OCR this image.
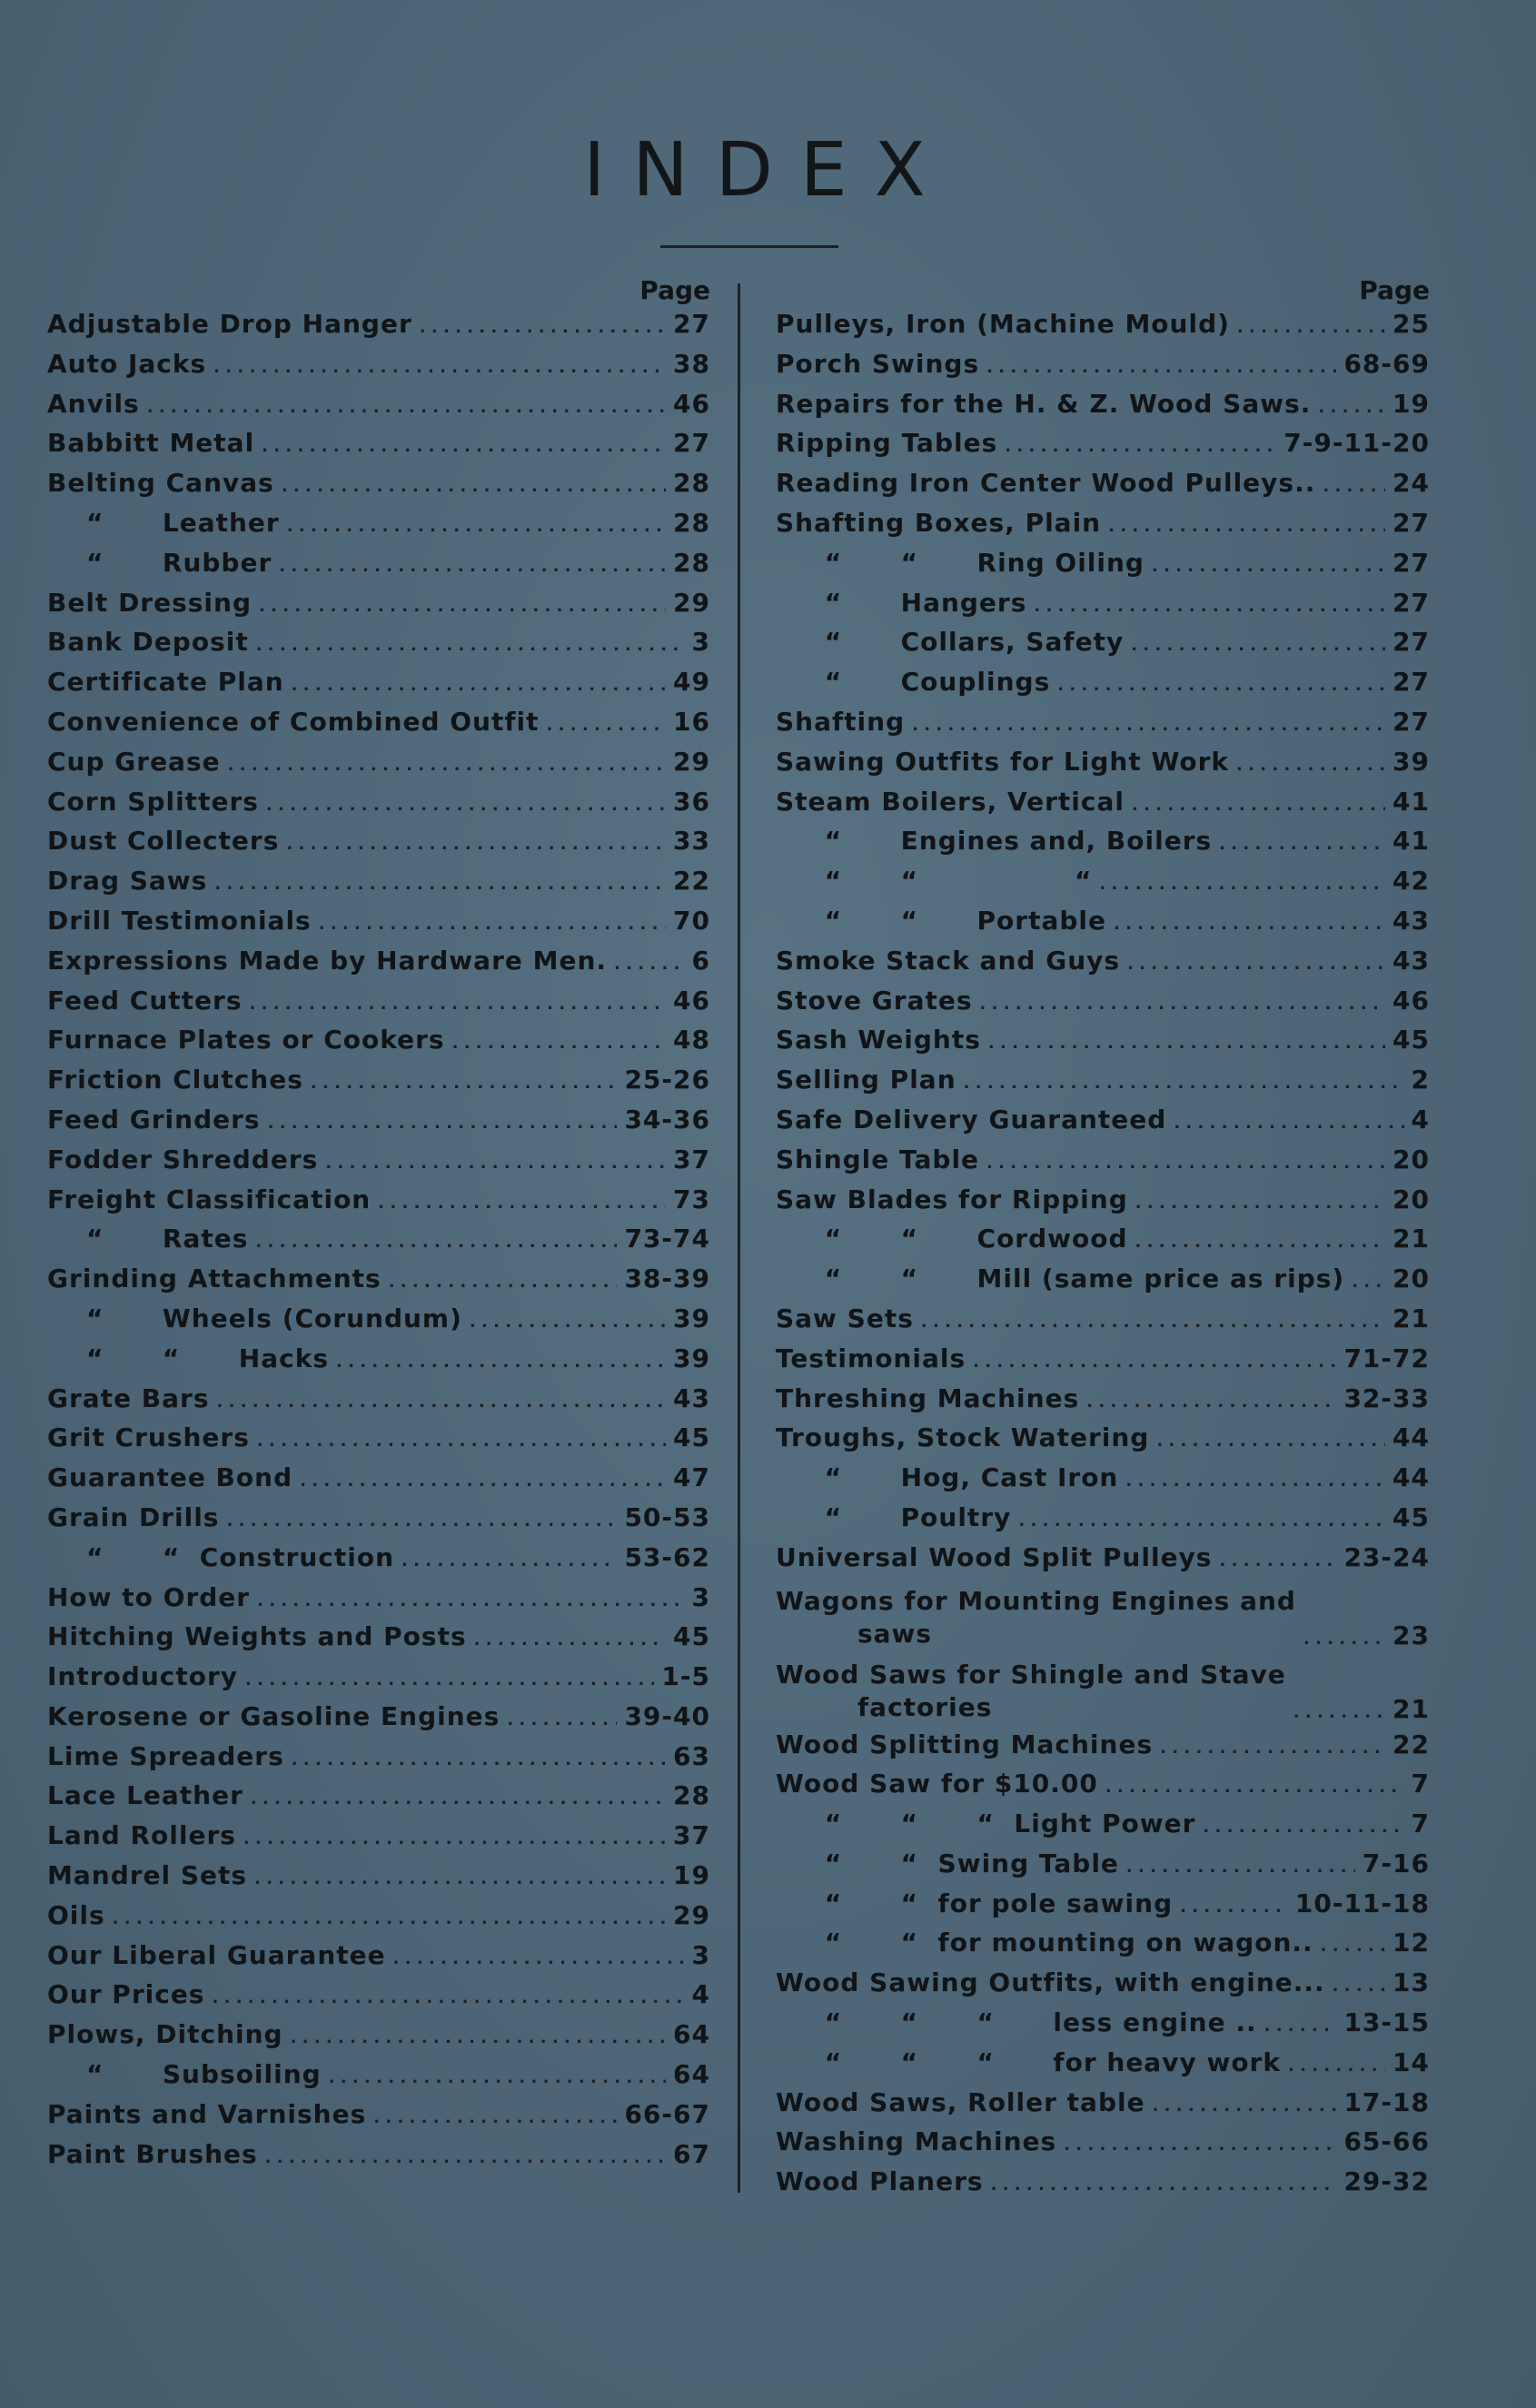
INDEX
Page
Adjustable Drop Hanger . . .	27
Auto Jacks . . .	38
Anvils . . .	46
Babbitt Metal . . .	27
Belting Canvas . . .	28
“      Leather . . .	28
“      Rubber . . .	28
Belt Dressing . . .	29
Bank Deposit . . .	3
Certificate Plan . . .	49
Convenience of Combined Outfit . . .	16
Cup Grease . . .	29
Corn Splitters . . .	36
Dust Collecters . . .	33
Drag Saws . . .	22
Drill Testimonials . . .	70
Expressions Made by Hardware Men. . . .	6
Feed Cutters . . .	46
Furnace Plates or Cookers . . .	48
Friction Clutches . . .	25-26
Feed Grinders . . .	34-36
Fodder Shredders . . .	37
Freight Classification . . .	73
“      Rates . . .	73-74
Grinding Attachments . . .	38-39
“      Wheels (Corundum) . . .	39
“      “      Hacks . . .	39
Grate Bars . . .	43
Grit Crushers . . .	45
Guarantee Bond . . .	47
Grain Drills . . .	50-53
“      “  Construction . . .	53-62
How to Order . . .	3
Hitching Weights and Posts . . .	45
Introductory . . .	1-5
Kerosene or Gasoline Engines . . .	39-40
Lime Spreaders . . .	63
Lace Leather . . .	28
Land Rollers . . .	37
Mandrel Sets . . .	19
Oils . . .	29
Our Liberal Guarantee . . .	3
Our Prices . . .	4
Plows, Ditching . . .	64
“      Subsoiling . . .	64
Paints and Varnishes . . .	66-67
Paint Brushes . . .	67
Page
Pulleys, Iron (Machine Mould) . . .	25
Porch Swings . . .	68-69
Repairs for the H. & Z. Wood Saws. . . .	19
Ripping Tables . . .	7-9-11-20
Reading Iron Center Wood Pulleys.. . . .	24
Shafting Boxes, Plain . . .	27
“      “      Ring Oiling . . .	27
“      Hangers . . .	27
“      Collars, Safety . . .	27
“      Couplings . . .	27
Shafting . . .	27
Sawing Outfits for Light Work . . .	39
Steam Boilers, Vertical . . .	41
“      Engines and, Boilers . . .	41
“      “                “ . . .	42
“      “      Portable . . .	43
Smoke Stack and Guys . . .	43
Stove Grates . . .	46
Sash Weights . . .	45
Selling Plan . . .	2
Safe Delivery Guaranteed . . .	4
Shingle Table . . .	20
Saw Blades for Ripping . . .	20
“      “      Cordwood . . .	21
“      “      Mill (same price as rips) . . . 20
Saw Sets . . .	21
Testimonials . . .	71-72
Threshing Machines . . .	32-33
Troughs, Stock Watering . . .	44
“      Hog, Cast Iron . . .	44
“      Poultry . . .	45
Universal Wood Split Pulleys . . .	23-24
Wagons for Mounting Engines and
saws . . .	23
Wood Saws for Shingle and Stave
factories . . .	21
Wood Splitting Machines . . .	22
Wood Saw for $10.00 . . .	7
“      “      “  Light Power . . .	7
“      “  Swing Table . . .	7-16
“      “  for pole sawing . . .	10-11-18
“      “  for mounting on wagon.. . . .	12
Wood Sawing Outfits, with engine... . . .	13
“      “      “      less engine .. . . .	13-15
“      “      “      for heavy work . . .	14
Wood Saws, Roller table . . .	17-18
Washing Machines . . .	65-66
Wood Planers . . .	29-32
